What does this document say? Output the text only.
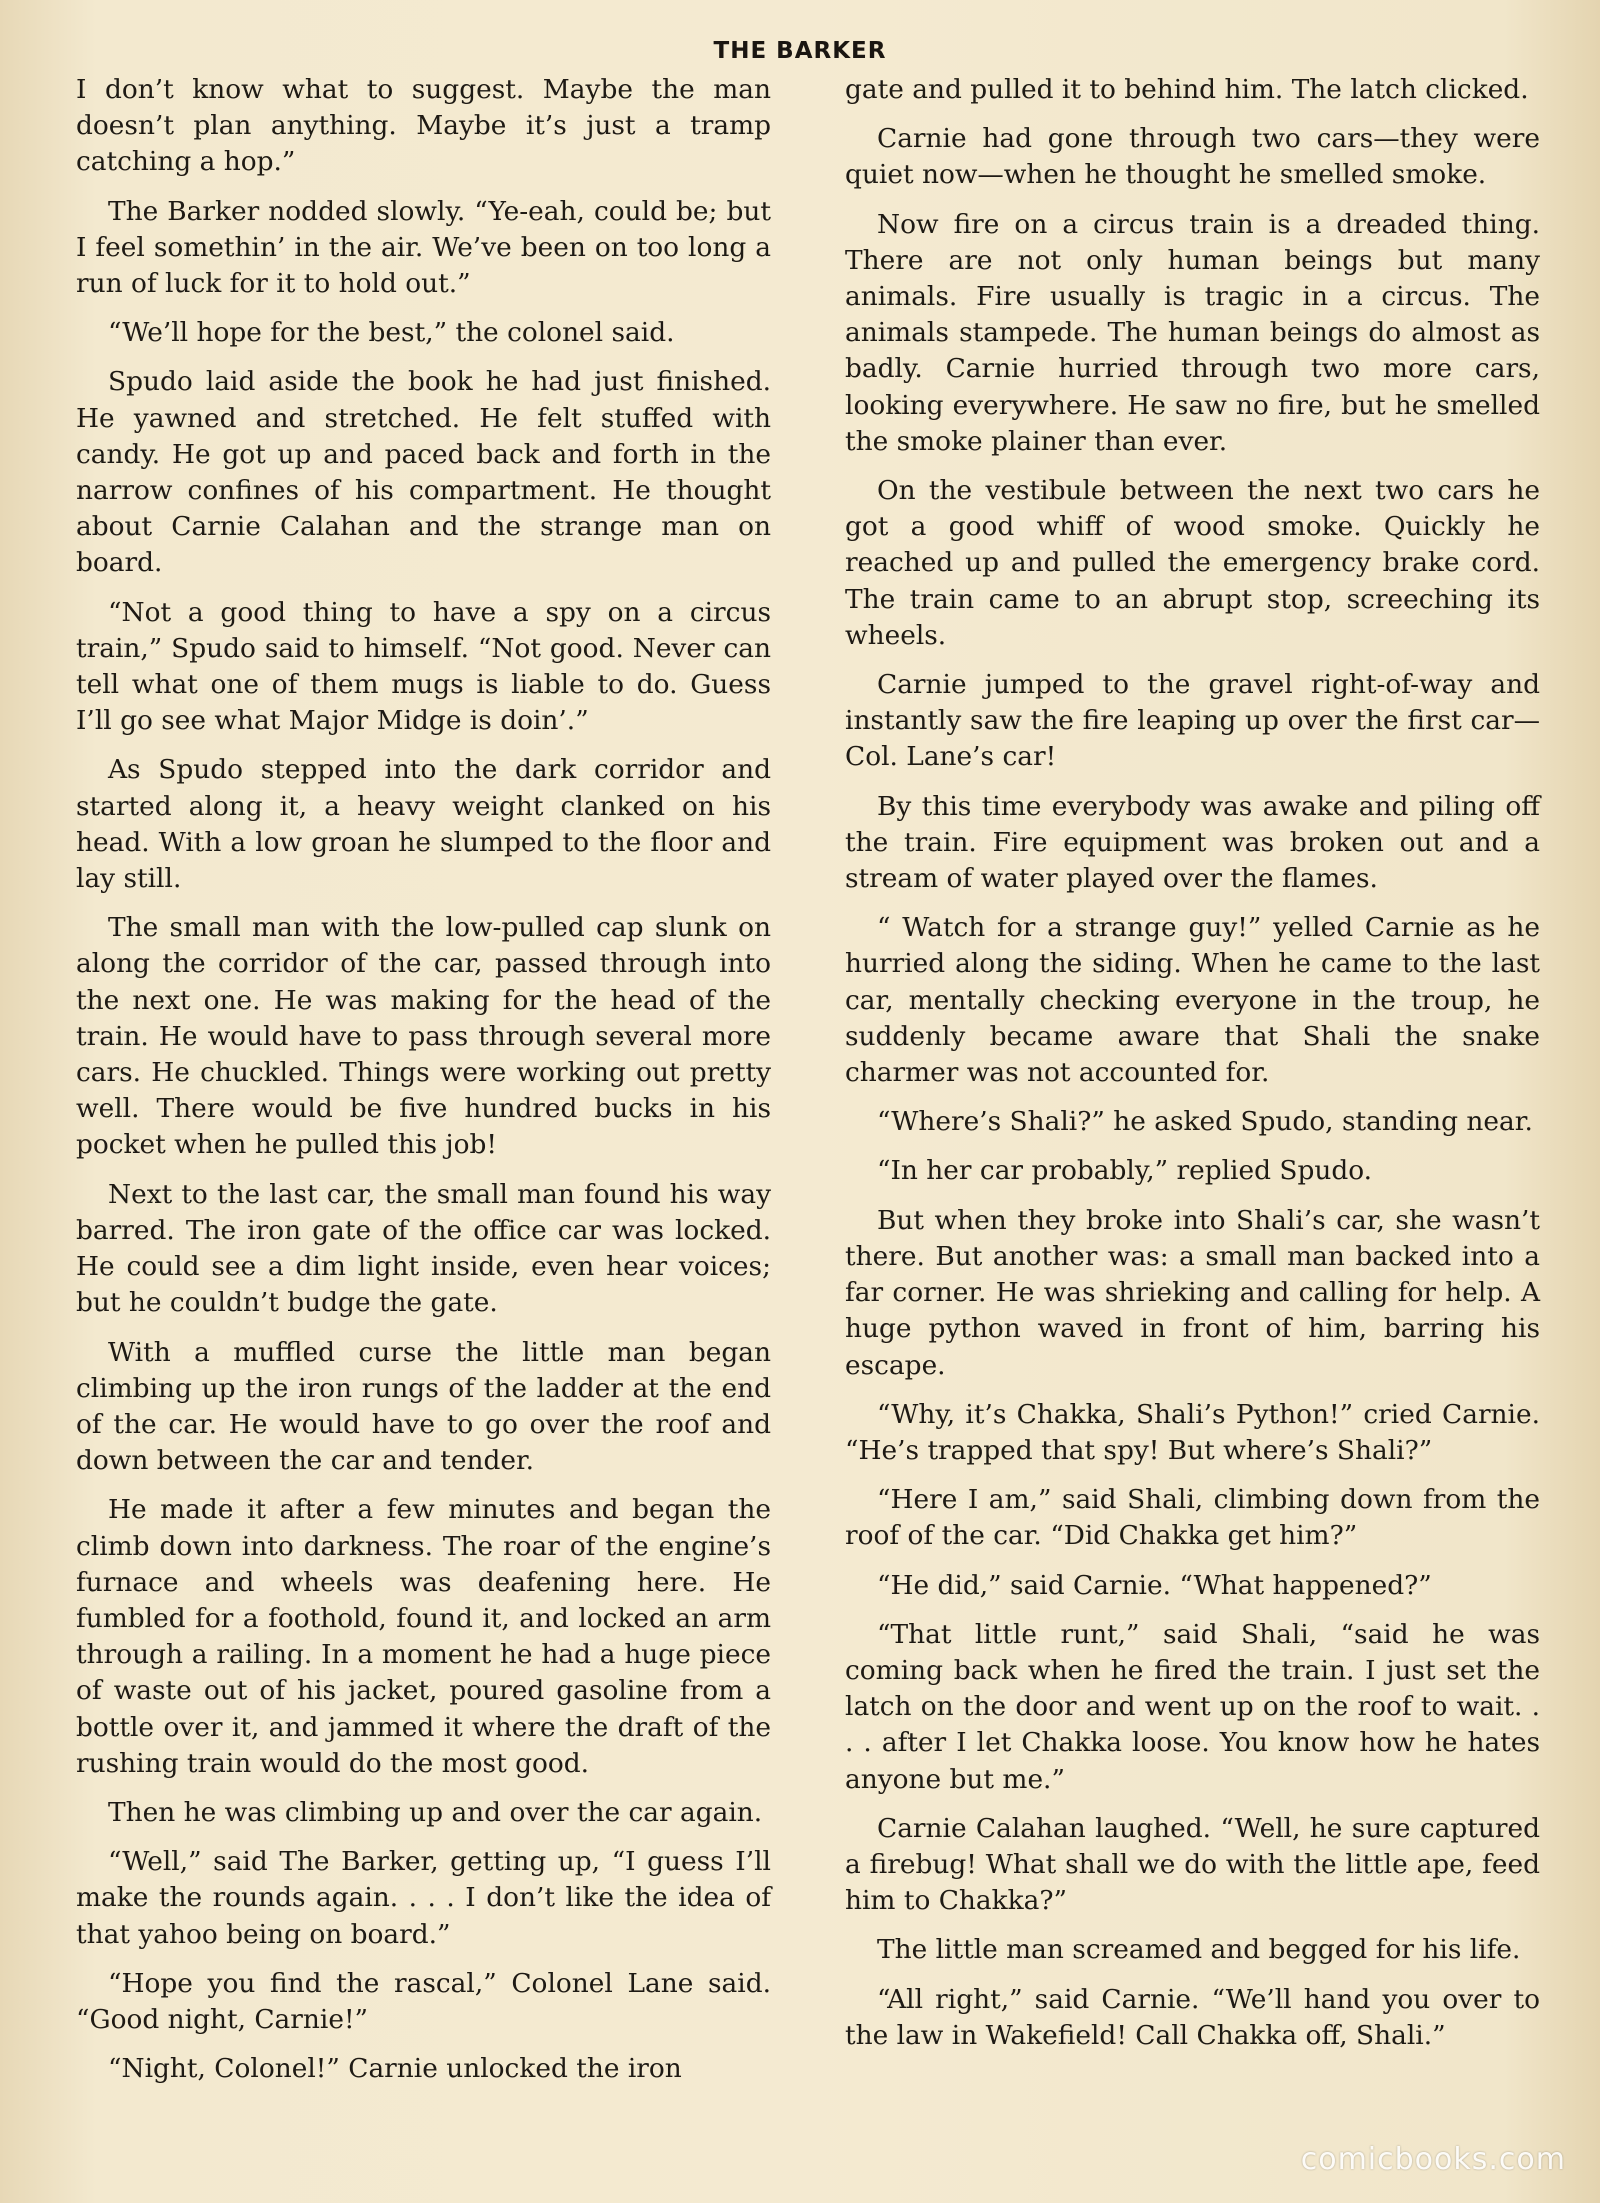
THE BARKER

I don’t know what to suggest. Maybe the man doesn’t plan anything. Maybe it’s just a tramp catching a hop.”

The Barker nodded slowly. “Ye-eah, could be; but I feel somethin’ in the air. We’ve been on too long a run of luck for it to hold out.”

“We’ll hope for the best,” the colonel said.

Spudo laid aside the book he had just finished. He yawned and stretched. He felt stuffed with candy. He got up and paced back and forth in the narrow confines of his compartment. He thought about Carnie Calahan and the strange man on board.

“Not a good thing to have a spy on a circus train,” Spudo said to himself. “Not good. Never can tell what one of them mugs is liable to do. Guess I’ll go see what Major Midge is doin’.”

As Spudo stepped into the dark corridor and started along it, a heavy weight clanked on his head. With a low groan he slumped to the floor and lay still.

The small man with the low-pulled cap slunk on along the corridor of the car, passed through into the next one. He was making for the head of the train. He would have to pass through several more cars. He chuckled. Things were working out pretty well. There would be five hundred bucks in his pocket when he pulled this job!

Next to the last car, the small man found his way barred. The iron gate of the office car was locked. He could see a dim light inside, even hear voices; but he couldn’t budge the gate.

With a muffled curse the little man began climbing up the iron rungs of the ladder at the end of the car. He would have to go over the roof and down between the car and tender.

He made it after a few minutes and began the climb down into darkness. The roar of the engine’s furnace and wheels was deafening here. He fumbled for a foothold, found it, and locked an arm through a railing. In a moment he had a huge piece of waste out of his jacket, poured gasoline from a bottle over it, and jammed it where the draft of the rushing train would do the most good.

Then he was climbing up and over the car again.

“Well,” said The Barker, getting up, “I guess I’ll make the rounds again. . . . I don’t like the idea of that yahoo being on board.”

“Hope you find the rascal,” Colonel Lane said. “Good night, Carnie!”

“Night, Colonel!” Carnie unlocked the iron

gate and pulled it to behind him. The latch clicked.

Carnie had gone through two cars—they were quiet now—when he thought he smelled smoke.

Now fire on a circus train is a dreaded thing. There are not only human beings but many animals. Fire usually is tragic in a circus. The animals stampede. The human beings do almost as badly. Carnie hurried through two more cars, looking everywhere. He saw no fire, but he smelled the smoke plainer than ever.

On the vestibule between the next two cars he got a good whiff of wood smoke. Quickly he reached up and pulled the emergency brake cord. The train came to an abrupt stop, screeching its wheels.

Carnie jumped to the gravel right-of-way and instantly saw the fire leaping up over the first car—Col. Lane’s car!

By this time everybody was awake and piling off the train. Fire equipment was broken out and a stream of water played over the flames.

“ Watch for a strange guy!” yelled Carnie as he hurried along the siding. When he came to the last car, mentally checking everyone in the troup, he suddenly became aware that Shali the snake charmer was not accounted for.

“Where’s Shali?” he asked Spudo, standing near.

“In her car probably,” replied Spudo.

But when they broke into Shali’s car, she wasn’t there. But another was: a small man backed into a far corner. He was shrieking and calling for help. A huge python waved in front of him, barring his escape.

“Why, it’s Chakka, Shali’s Python!” cried Carnie. “He’s trapped that spy! But where’s Shali?”

“Here I am,” said Shali, climbing down from the roof of the car. “Did Chakka get him?”

“He did,” said Carnie. “What happened?”

“That little runt,” said Shali, “said he was coming back when he fired the train. I just set the latch on the door and went up on the roof to wait. . . . after I let Chakka loose. You know how he hates anyone but me.”

Carnie Calahan laughed. “Well, he sure captured a firebug! What shall we do with the little ape, feed him to Chakka?”

The little man screamed and begged for his life.

“All right,” said Carnie. “We’ll hand you over to the law in Wakefield! Call Chakka off, Shali.”

comicbooks.com
